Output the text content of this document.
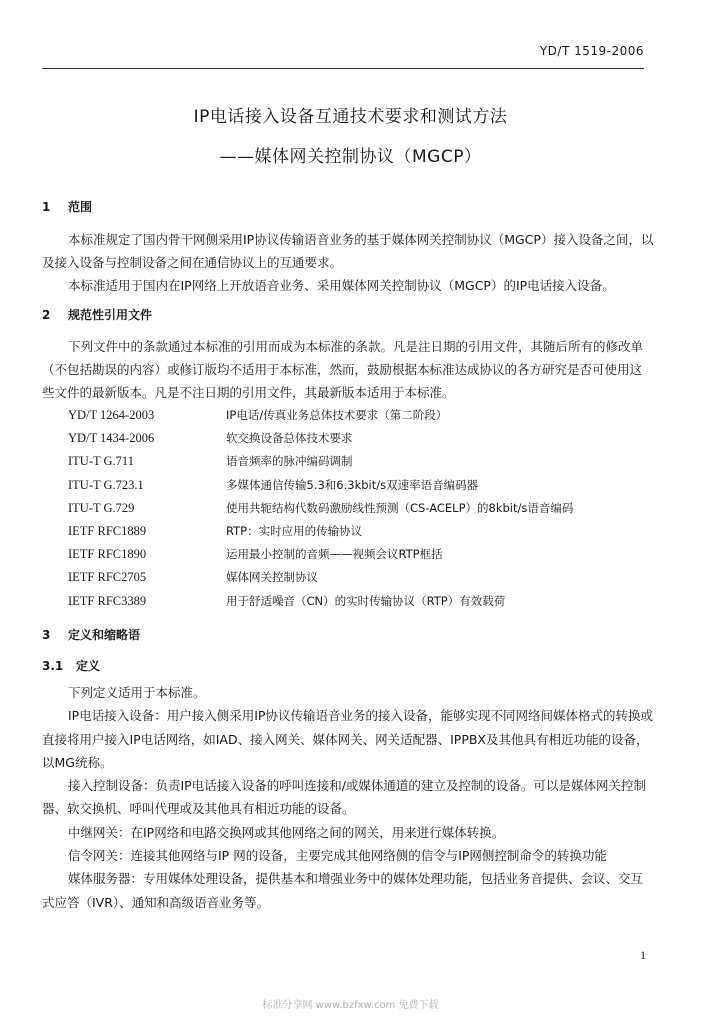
YD/T 1519-2006
IP电话接入设备互通技术要求和测试方法
——媒体网关控制协议（MGCP）
1 范围

本标准规定了国内骨干网侧采用IP协议传输语音业务的基于媒体网关控制协议（MGCP）接入设备之间，以及接入设备与控制设备之间在通信协议上的互通要求。

本标准适用于国内在IP网络上开放语音业务、采用媒体网关控制协议（MGCP）的IP电话接入设备。

2 规范性引用文件

下列文件中的条款通过本标准的引用而成为本标准的条款。凡是注日期的引用文件，其随后所有的修改单（不包括勘误的内容）或修订版均不适用于本标准，然而，鼓励根据本标准达成协议的各方研究是否可使用这些文件的最新版本。凡是不注日期的引用文件，其最新版本适用于本标准。

YD/T 1264-2003	IP电话/传真业务总体技术要求（第二阶段）
YD/T 1434-2006	软交换设备总体技术要求
ITU-T G.711	语音频率的脉冲编码调制
ITU-T G.723.1	多媒体通信传输5.3和6.3kbit/s双速率语音编码器
ITU-T G.729	使用共轭结构代数码激励线性预测（CS-ACELP）的8kbit/s语音编码
IETF RFC1889	RTP：实时应用的传输协议
IETF RFC1890	运用最小控制的音频——视频会议RTP框括
IETF RFC2705	媒体网关控制协议
IETF RFC3389	用于舒适噪音（CN）的实时传输协议（RTP）有效载荷
3 定义和缩略语
3.1 定义

下列定义适用于本标准。

IP电话接入设备：用户接入侧采用IP协议传输语音业务的接入设备，能够实现不同网络间媒体格式的转换或直接将用户接入IP电话网络，如IAD、接入网关、媒体网关、网关适配器、IPPBX及其他具有相近功能的设备，以MG统称。

接入控制设备：负责IP电话接入设备的呼叫连接和/或媒体通道的建立及控制的设备。可以是媒体网关控制器、软交换机、呼叫代理或及其他具有相近功能的设备。

中继网关：在IP网络和电路交换网或其他网络之间的网关，用来进行媒体转换。

信令网关：连接其他网络与IP 网的设备，主要完成其他网络侧的信令与IP网侧控制命令的转换功能

媒体服务器：专用媒体处理设备，提供基本和增强业务中的媒体处理功能，包括业务音提供、会议、交互式应答（IVR）、通知和高级语音业务等。

1
标准分享网 www.bzfxw.com 免费下载
